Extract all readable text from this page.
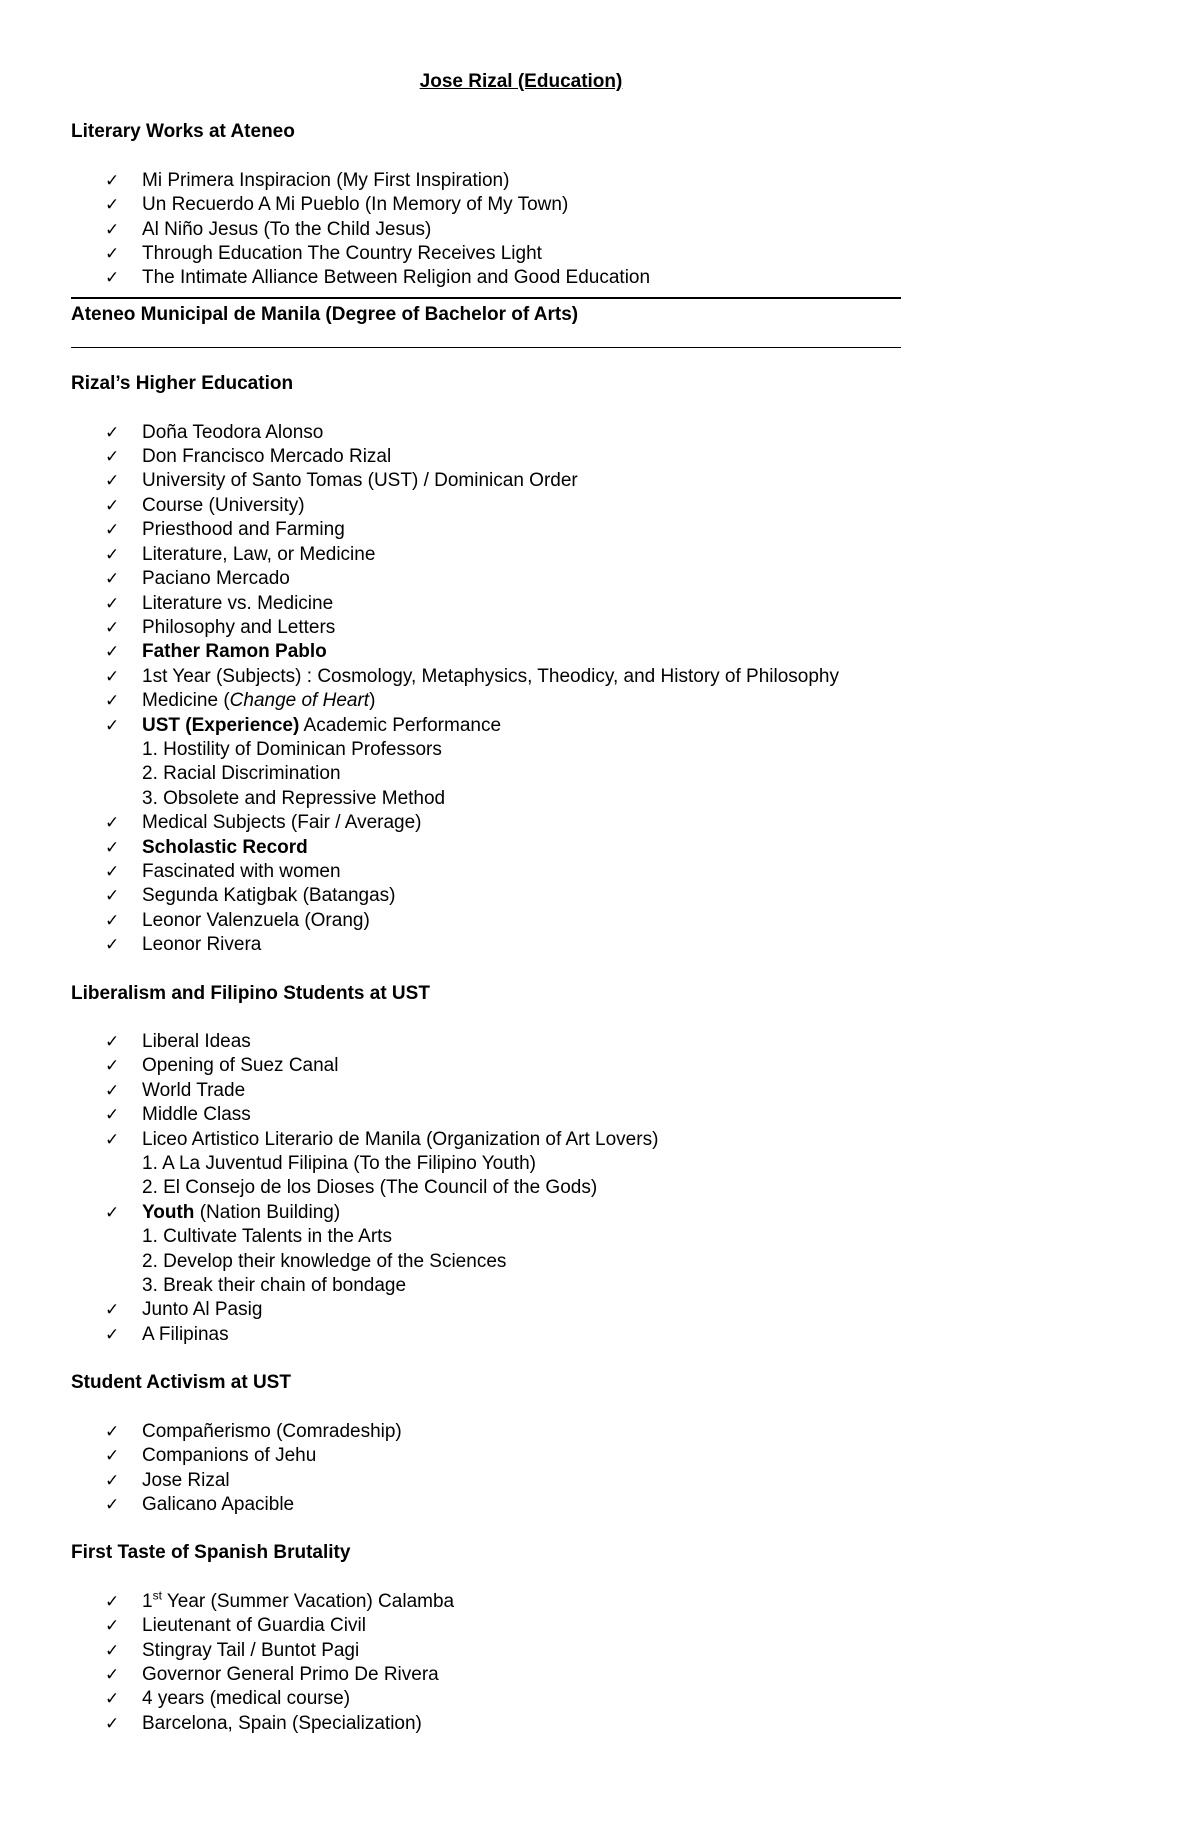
Jose Rizal (Education)
Literary Works at Ateneo
✓ Mi Primera Inspiracion (My First Inspiration)
✓ Un Recuerdo A Mi Pueblo (In Memory of My Town)
✓ Al Niño Jesus (To the Child Jesus)
✓ Through Education The Country Receives Light
✓ The Intimate Alliance Between Religion and Good Education
Ateneo Municipal de Manila (Degree of Bachelor of Arts)
Rizal’s Higher Education
✓ Doña Teodora Alonso
✓ Don Francisco Mercado Rizal
✓ University of Santo Tomas (UST) / Dominican Order
✓ Course (University)
✓ Priesthood and Farming
✓ Literature, Law, or Medicine
✓ Paciano Mercado
✓ Literature vs. Medicine
✓ Philosophy and Letters
✓ Father Ramon Pablo
✓ 1st Year (Subjects) : Cosmology, Metaphysics, Theodicy, and History of Philosophy
✓ Medicine (Change of Heart)
✓ UST (Experience) Academic Performance
1. Hostility of Dominican Professors
2. Racial Discrimination
3. Obsolete and Repressive Method
✓ Medical Subjects (Fair / Average)
✓ Scholastic Record
✓ Fascinated with women
✓ Segunda Katigbak (Batangas)
✓ Leonor Valenzuela (Orang)
✓ Leonor Rivera
Liberalism and Filipino Students at UST
✓ Liberal Ideas
✓ Opening of Suez Canal
✓ World Trade
✓ Middle Class
✓ Liceo Artistico Literario de Manila (Organization of Art Lovers)
1. A La Juventud Filipina (To the Filipino Youth)
2. El Consejo de los Dioses (The Council of the Gods)
✓ Youth (Nation Building)
1. Cultivate Talents in the Arts
2. Develop their knowledge of the Sciences
3. Break their chain of bondage
✓ Junto Al Pasig
✓ A Filipinas
Student Activism at UST
✓ Compañerismo (Comradeship)
✓ Companions of Jehu
✓ Jose Rizal
✓ Galicano Apacible
First Taste of Spanish Brutality
✓ 1st Year (Summer Vacation) Calamba
✓ Lieutenant of Guardia Civil
✓ Stingray Tail / Buntot Pagi
✓ Governor General Primo De Rivera
✓ 4 years (medical course)
✓ Barcelona, Spain (Specialization)
